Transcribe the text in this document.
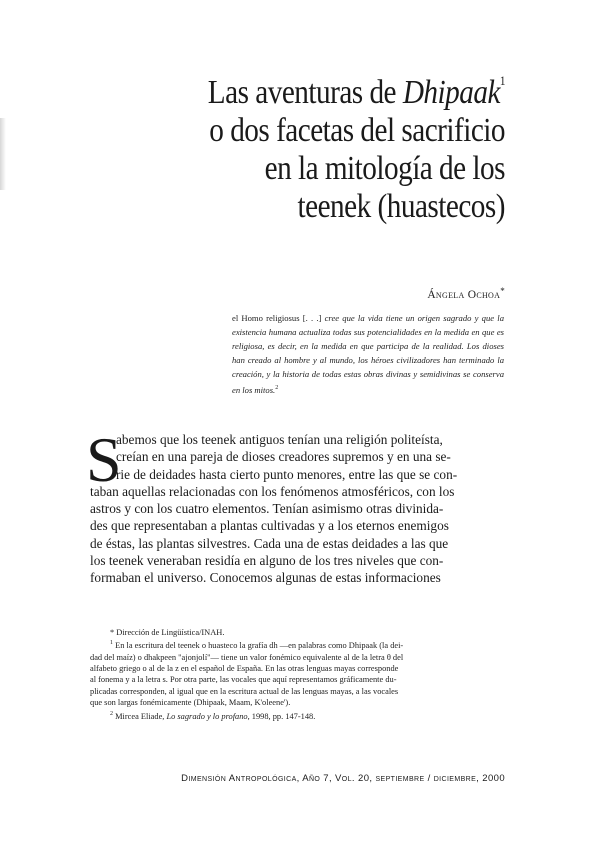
Las aventuras de Dhipaak$^1$
o dos facetas del sacrificio
en la mitología de los
teenek (huastecos)
Ángela Ochoa*
el Homo religiosus [. . .] cree que la vida tiene un origen sagrado y que la existencia humana actualiza todas sus potencialidades en la medida en que es religiosa, es decir, en la medida en que participa de la realidad. Los dioses han creado al hombre y al mundo, los héroes civilizadores han terminado la creación, y la historia de todas estas obras divinas y semidivinas se conserva en los mitos.$^2$
S
abemos que los teenek antiguos tenían una religión politeísta,
creían en una pareja de dioses creadores supremos y en una se-
rie de deidades hasta cierto punto menores, entre las que se con-
taban aquellas relacionadas con los fenómenos atmosféricos, con los
astros y con los cuatro elementos. Tenían asimismo otras divinida-
des que representaban a plantas cultivadas y a los eternos enemigos
de éstas, las plantas silvestres. Cada una de estas deidades a las que
los teenek veneraban residía en alguno de los tres niveles que con-
formaban el universo. Conocemos algunas de estas informaciones
* Dirección de Lingüística/INAH.
$^1$ En la escritura del teenek o huasteco la grafía dh —en palabras como Dhipaak (la dei-
dad del maíz) o dhakpeen "ajonjolí"— tiene un valor fonémico equivalente al de la letra θ del
alfabeto griego o al de la z en el español de España. En las otras lenguas mayas corresponde
al fonema y a la letra s. Por otra parte, las vocales que aquí representamos gráficamente du-
plicadas corresponden, al igual que en la escritura actual de las lenguas mayas, a las vocales
que son largas fonémicamente (Dhipaak, Maam, K'oleene').
$^2$ Mircea Eliade, Lo sagrado y lo profano, 1998, pp. 147-148.
Dimensión Antropológica, Año 7, Vol. 20, septiembre / diciembre, 2000
